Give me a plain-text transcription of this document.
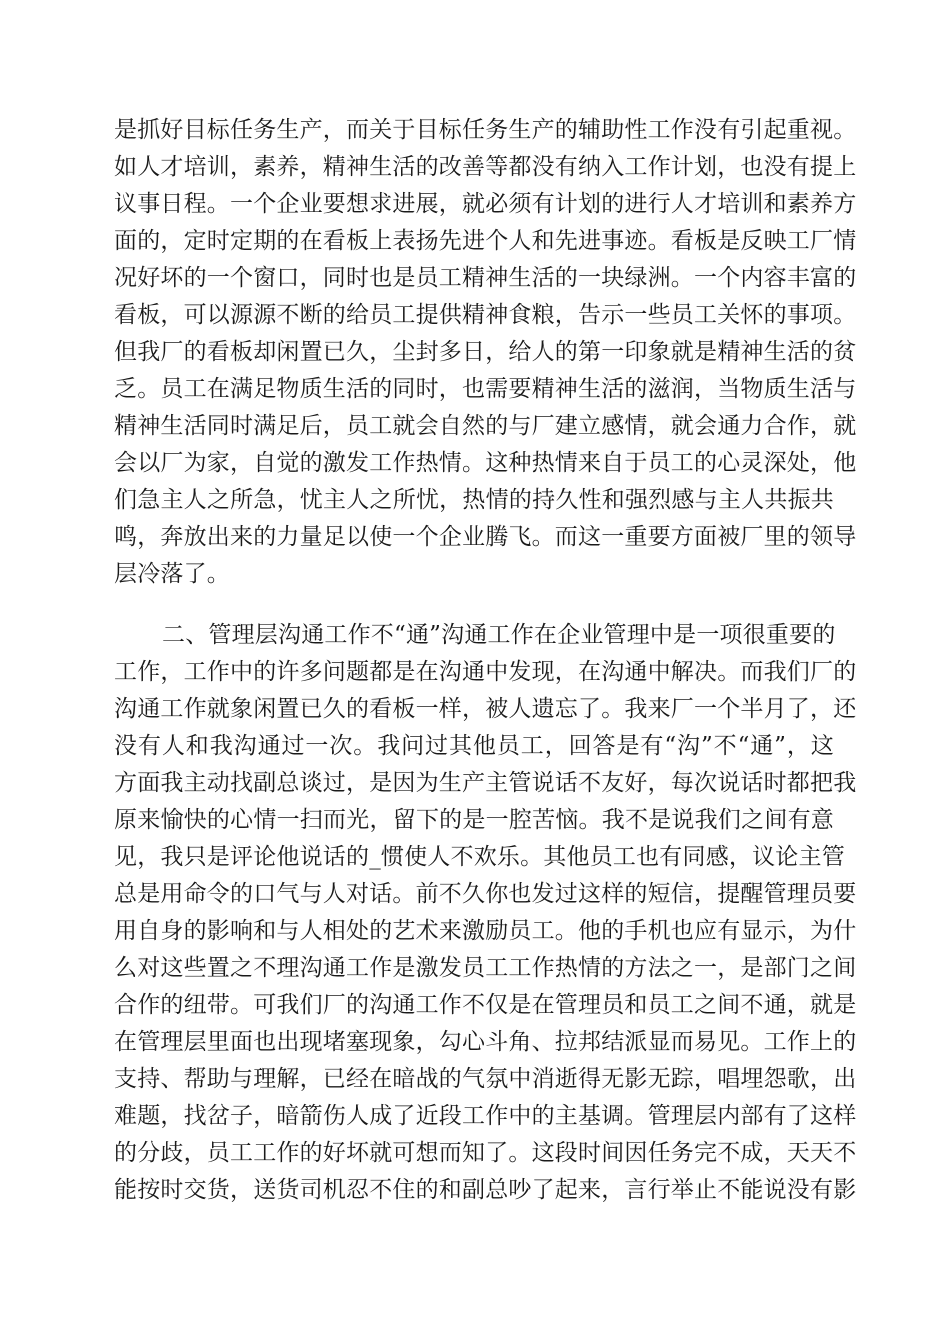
是抓好目标任务生产，而关于目标任务生产的辅助性工作没有引起重视。
如人才培训，素养，精神生活的改善等都没有纳入工作计划，也没有提上
议事日程。一个企业要想求进展，就必须有计划的进行人才培训和素养方
面的，定时定期的在看板上表扬先进个人和先进事迹。看板是反映工厂情
况好坏的一个窗口，同时也是员工精神生活的一块绿洲。一个内容丰富的
看板，可以源源不断的给员工提供精神食粮，告示一些员工关怀的事项。
但我厂的看板却闲置已久，尘封多日，给人的第一印象就是精神生活的贫
乏。员工在满足物质生活的同时，也需要精神生活的滋润，当物质生活与
精神生活同时满足后，员工就会自然的与厂建立感情，就会通力合作，就
会以厂为家，自觉的激发工作热情。这种热情来自于员工的心灵深处，他
们急主人之所急，忧主人之所忧，热情的持久性和强烈感与主人共振共
鸣，奔放出来的力量足以使一个企业腾飞。而这一重要方面被厂里的领导
层冷落了。
二、管理层沟通工作不“通”沟通工作在企业管理中是一项很重要的
工作，工作中的许多问题都是在沟通中发现，在沟通中解决。而我们厂的
沟通工作就象闲置已久的看板一样，被人遗忘了。我来厂一个半月了，还
没有人和我沟通过一次。我问过其他员工，回答是有“沟”不“通”，这
方面我主动找副总谈过，是因为生产主管说话不友好，每次说话时都把我
原来愉快的心情一扫而光，留下的是一腔苦恼。我不是说我们之间有意
见，我只是评论他说话的_惯使人不欢乐。其他员工也有同感，议论主管
总是用命令的口气与人对话。前不久你也发过这样的短信，提醒管理员要
用自身的影响和与人相处的艺术来激励员工。他的手机也应有显示，为什
么对这些置之不理沟通工作是激发员工工作热情的方法之一，是部门之间
合作的纽带。可我们厂的沟通工作不仅是在管理员和员工之间不通，就是
在管理层里面也出现堵塞现象，勾心斗角、拉邦结派显而易见。工作上的
支持、帮助与理解，已经在暗战的气氛中消逝得无影无踪，唱埋怨歌，出
难题，找岔子，暗箭伤人成了近段工作中的主基调。管理层内部有了这样
的分歧，员工工作的好坏就可想而知了。这段时间因任务完不成，天天不
能按时交货，送货司机忍不住的和副总吵了起来，言行举止不能说没有影
